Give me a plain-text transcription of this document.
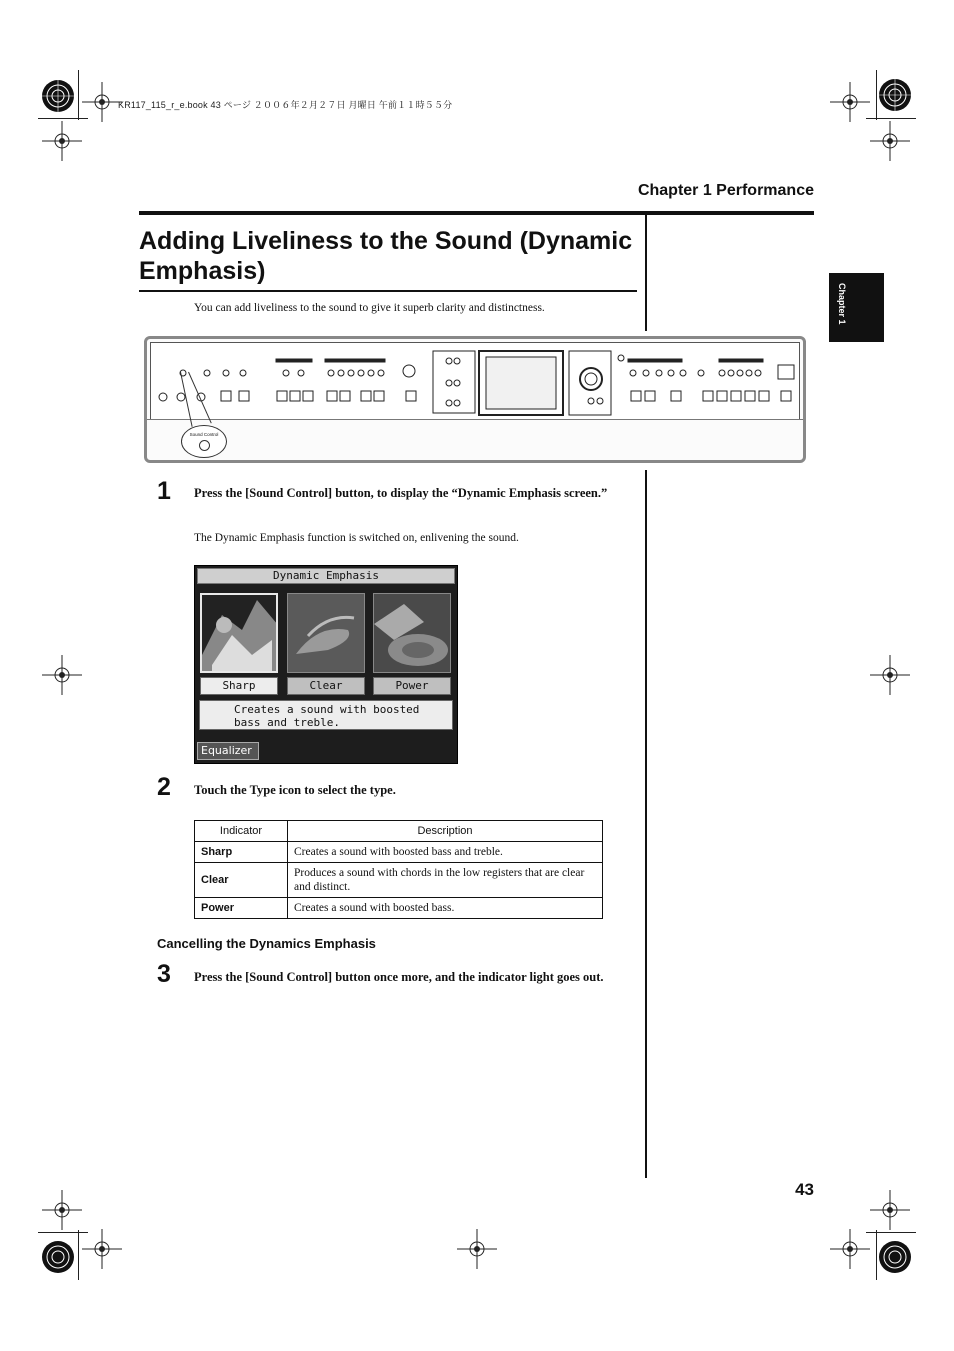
KR117_115_r_e.book 43 ページ ２００６年２月２７日 月曜日 午前１１時５５分
Chapter 1 Performance
Chapter 1
Adding Liveliness to the Sound (Dynamic Emphasis)
You can add liveliness to the sound to give it superb clarity and distinctness.
Sound Control
1 Press the [Sound Control] button, to display the “Dynamic Emphasis screen.”
The Dynamic Emphasis function is switched on, enlivening the sound.
Dynamic Emphasis
Sharp	Clear	Power
Creates a sound with boosted
bass and treble.
Equalizer
2 Touch the Type icon to select the type.
Indicator	Description
Sharp	Creates a sound with boosted bass and treble.
Clear	Produces a sound with chords in the low registers that are clear and distinct.
Power	Creates a sound with boosted bass.
Cancelling the Dynamics Emphasis
3 Press the [Sound Control] button once more, and the indicator light goes out.
43
